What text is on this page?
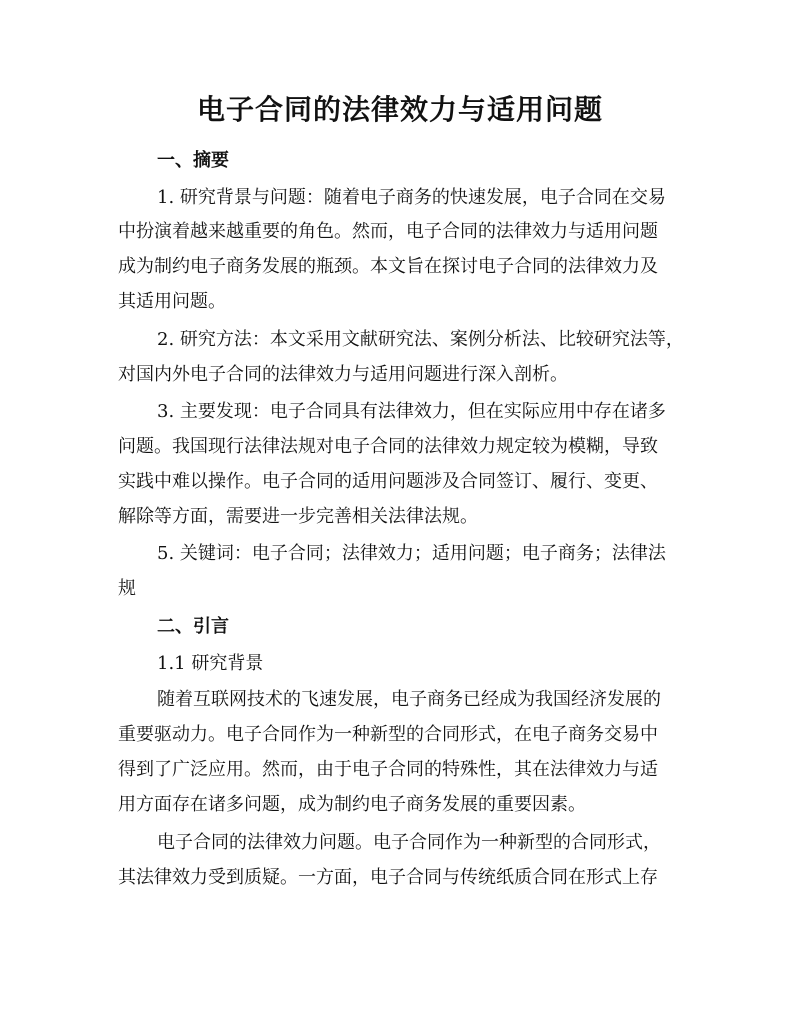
电子合同的法律效力与适用问题
一、摘要

1. 研究背景与问题：随着电子商务的快速发展，电子合同在交易

中扮演着越来越重要的角色。然而，电子合同的法律效力与适用问题

成为制约电子商务发展的瓶颈。本文旨在探讨电子合同的法律效力及

其适用问题。

2. 研究方法：本文采用文献研究法、案例分析法、比较研究法等，

对国内外电子合同的法律效力与适用问题进行深入剖析。

3. 主要发现：电子合同具有法律效力，但在实际应用中存在诸多

问题。我国现行法律法规对电子合同的法律效力规定较为模糊，导致

实践中难以操作。电子合同的适用问题涉及合同签订、履行、变更、

解除等方面，需要进一步完善相关法律法规。

5. 关键词：电子合同；法律效力；适用问题；电子商务；法律法

规

二、引言

1.1 研究背景

随着互联网技术的飞速发展，电子商务已经成为我国经济发展的

重要驱动力。电子合同作为一种新型的合同形式，在电子商务交易中

得到了广泛应用。然而，由于电子合同的特殊性，其在法律效力与适

用方面存在诸多问题，成为制约电子商务发展的重要因素。

电子合同的法律效力问题。电子合同作为一种新型的合同形式，

其法律效力受到质疑。一方面，电子合同与传统纸质合同在形式上存
